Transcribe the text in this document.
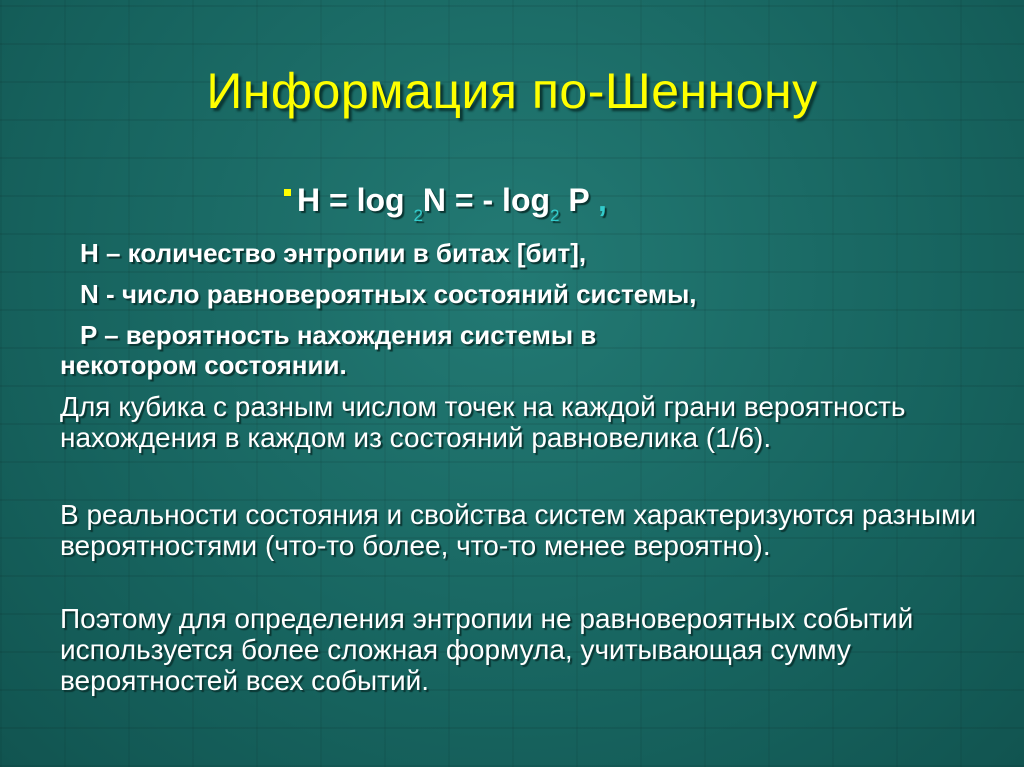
Информация по-Шеннону
H = log $_2$N = - $\log_2 P$ ,
H – количество энтропии в битах [бит],
N - число равновероятных состояний системы,
P – вероятность нахождения системы в
некотором состоянии.

Для кубика с разным числом точек на каждой грани вероятность нахождения в каждом из состояний равновелика (1/6).

В реальности состояния и свойства систем характеризуются разными вероятностями (что-то более, что-то менее вероятно).

Поэтому для определения энтропии не равновероятных событий используется более сложная формула, учитывающая сумму вероятностей всех событий.
